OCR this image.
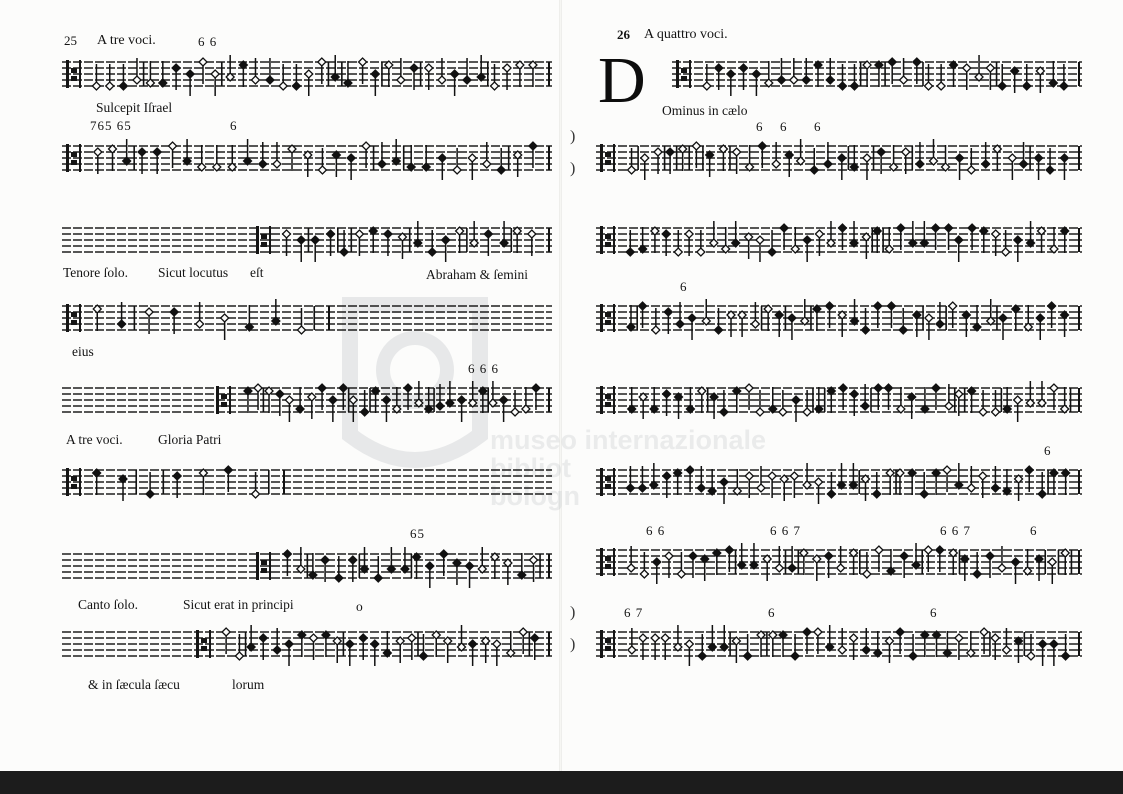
museo internazionale
bibliot
bologn
25 A tre voci.	6 6
Sulcepit Iſrael
765 65	6
Tenore ſolo. Sicut locutus eſt	Abraham & ſemini
eius
6 6 6
A tre voci.	Gloria Patri
65
Canto ſolo.	Sicut erat in principi	o
& in ſæcula ſæcu	lorum
26 A quattro voci.
D Ominus in cælo
6 6 6
6
6
6 6	6 6 7	6 6 7	6
6 7	6	6
)
)
)
)
